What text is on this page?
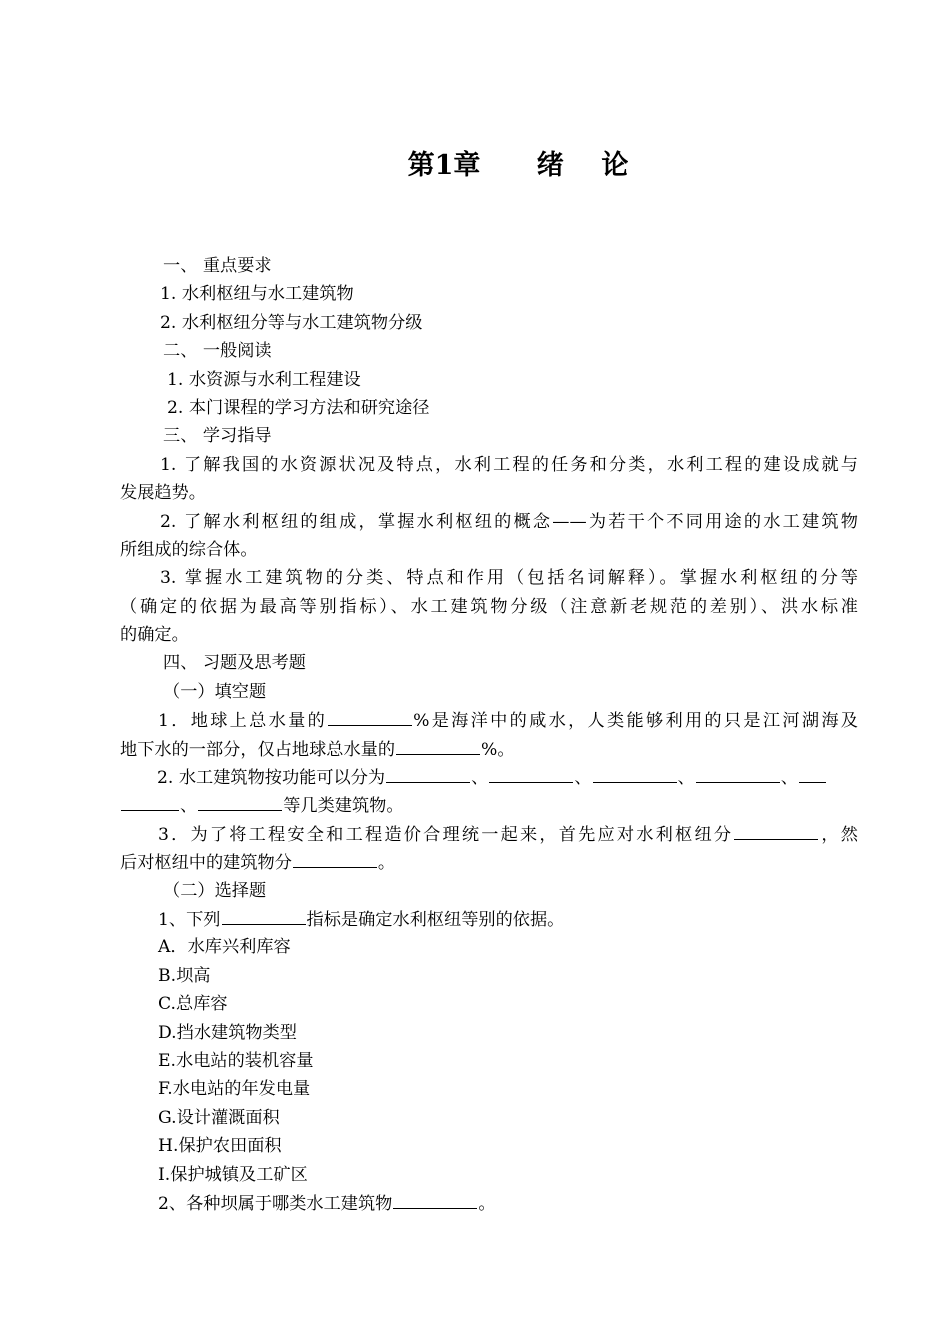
第1章      绪    论
一、 重点要求
1. 水利枢纽与水工建筑物
2. 水利枢纽分等与水工建筑物分级
二、 一般阅读
1. 水资源与水利工程建设
2. 本门课程的学习方法和研究途径
三、 学习指导
1. 了解我国的水资源状况及特点，水利工程的任务和分类，水利工程的建设成就与
发展趋势。
2. 了解水利枢纽的组成，掌握水利枢纽的概念——为若干个不同用途的水工建筑物
所组成的综合体。
3. 掌握水工建筑物的分类、特点和作用（包括名词解释）。掌握水利枢纽的分等
（确定的依据为最高等别指标）、水工建筑物分级（注意新老规范的差别）、洪水标准
的确定。
四、 习题及思考题
（一）填空题
1．地球上总水量的	%是海洋中的咸水，人类能够利用的只是江河湖海及
地下水的一部分，仅占地球总水量的	%。
2. 水工建筑物按功能可以分为	、	、	、	、
、	等几类建筑物。
3．为了将工程安全和工程造价合理统一起来，首先应对水利枢纽分	，然
后对枢纽中的建筑物分	。
（二）选择题
1、下列	指标是确定水利枢纽等别的依据。
A．水库兴利库容
B.坝高
C.总库容
D.挡水建筑物类型
E.水电站的装机容量
F.水电站的年发电量
G.设计灌溉面积
H.保护农田面积
I.保护城镇及工矿区
2、各种坝属于哪类水工建筑物	。
